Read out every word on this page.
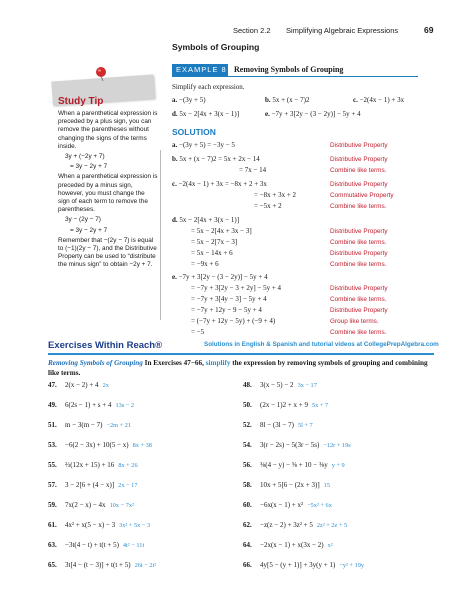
Section 2.2 Simplifying Algebraic Expressions	69
Study Tip

When a parenthetical expression is preceded by a plus sign, you can remove the parentheses without changing the signs of the terms inside.

3y + (−2y + 7)

= 3y − 2y + 7

When a parenthetical expression is preceded by a minus sign, however, you must change the sign of each term to remove the parentheses.

3y − (2y − 7)

= 3y − 2y + 7

Remember that −(2y − 7) is equal to (−1)(2y − 7), and the Distributive Property can be used to “distribute the minus sign” to obtain −2y + 7.

Symbols of Grouping
EXAMPLE 8 Removing Symbols of Grouping
Simplify each expression.
a. −(3y + 5)	b. 5x + (x − 7)2	c. −2(4x − 1) + 3x
d. 5x − 2[4x + 3(x − 1)]	e. −7y + 3[2y − (3 − 2y)] − 5y + 4
SOLUTION
a. −(3y + 5) = −3y − 5	Distributive Property
b. 5x + (x − 7)2 = 5x + 2x − 14	Distributive Property
= 7x − 14	Combine like terms.
c. −2(4x − 1) + 3x = −8x + 2 + 3x	Distributive Property
= −8x + 3x + 2	Commutative Property
= −5x + 2	Combine like terms.
d. 5x − 2[4x + 3(x − 1)]
= 5x − 2[4x + 3x − 3]	Distributive Property
= 5x − 2[7x − 3]	Combine like terms.
= 5x − 14x + 6	Distributive Property
= −9x + 6	Combine like terms.
e. −7y + 3[2y − (3 − 2y)] − 5y + 4
= −7y + 3[2y − 3 + 2y] − 5y + 4	Distributive Property
= −7y + 3[4y − 3] − 5y + 4	Combine like terms.
= −7y + 12y − 9 − 5y + 4	Distributive Property
= (−7y + 12y − 5y) + (−9 + 4)	Group like terms.
= −5	Combine like terms.
Exercises Within Reach®	Solutions in English & Spanish and tutorial videos at CollegePrepAlgebra.com
Removing Symbols of Grouping In Exercises 47−66, simplify the expression by removing symbols of grouping and combining like terms.
47. 2(x − 2) + 4 2x	48. 3(x − 5) − 2 3x − 17
49. 6(2s − 1) + s + 4 13s − 2	50. (2x − 1)2 + x + 9 5x + 7
51. m − 3(m − 7) −2m + 21	52. 8l − (3l − 7) 5l + 7
53. −6(2 − 3x) + 10(5 − x) 8x + 38	54. 3(r − 2s) − 5(3r − 5s) −12r + 19s
55. ⅔(12x + 15) + 16 8x + 26	56. ⅜(4 − y) − ⅝ + 10 − ⅜y y + 9
57. 3 − 2[6 + (4 − x)] 2x − 17	58. 10x + 5[6 − (2x + 3)] 15
59. 7x(2 − x) − 4x 10x − 7x²	60. −6x(x − 1) + x² −5x² + 6x
61. 4x² + x(5 − x) − 3 3x² + 5x − 3	62. −z(z − 2) + 3z² + 5 2z² + 2z + 5
63. −3t(4 − t) + t(t + 5) 4t² − 11t	64. −2x(x − 1) + x(3x − 2) x²
65. 3t[4 − (t − 3)] + t(t + 5) 26t − 2t²	66. 4y[5 − (y + 1)] + 3y(y + 1) −y² + 19y
